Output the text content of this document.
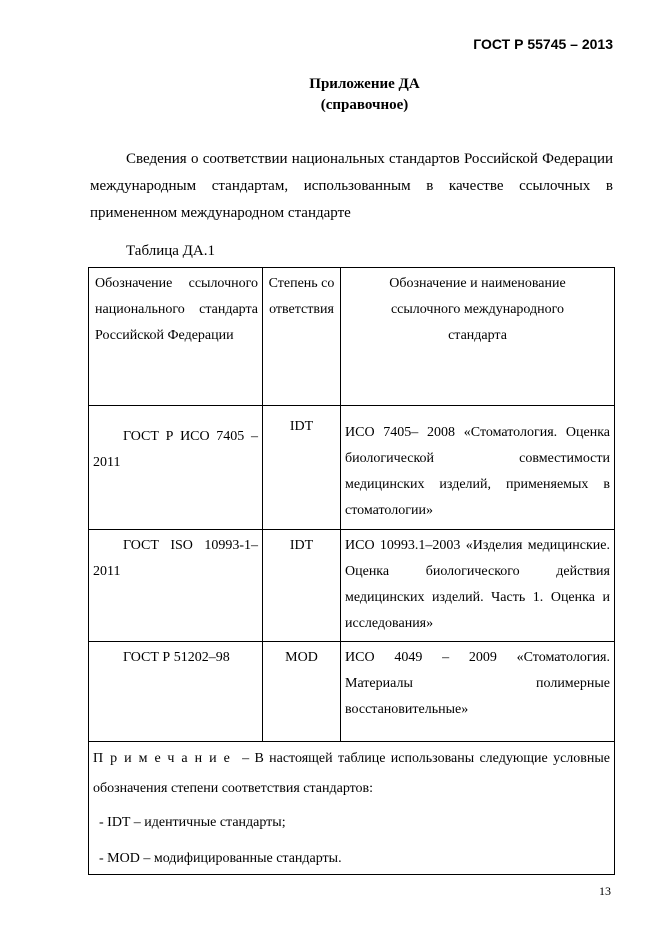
ГОСТ Р 55745 – 2013
Приложение ДА
(справочное)
Сведения о соответствии национальных стандартов Российской Федерации международным стандартам, использованным в качестве ссылочных в примененном международном стандарте
Таблица ДА.1
Обозначение ссылочного национального стандарта Российской Федерации	Степень соответствия	Обозначение и наименование ссылочного международного стандарта
ГОСТ Р ИСО 7405 – 2011	IDT	ИСО 7405– 2008 «Стоматология. Оценка биологической совместимости медицинских изделий, применяемых в стоматологии»
ГОСТ ISO 10993-1–2011	IDT	ИСО 10993.1–2003 «Изделия медицинские. Оценка биологического действия медицинских изделий. Часть 1. Оценка и исследования»
ГОСТ Р 51202–98	MOD	ИСО 4049 – 2009 «Стоматология. Материалы полимерные восстановительные»

Примечание – В настоящей таблице использованы следующие условные обозначения степени соответствия стандартов:
- IDT – идентичные стандарты;
- MOD – модифицированные стандарты.		
13
